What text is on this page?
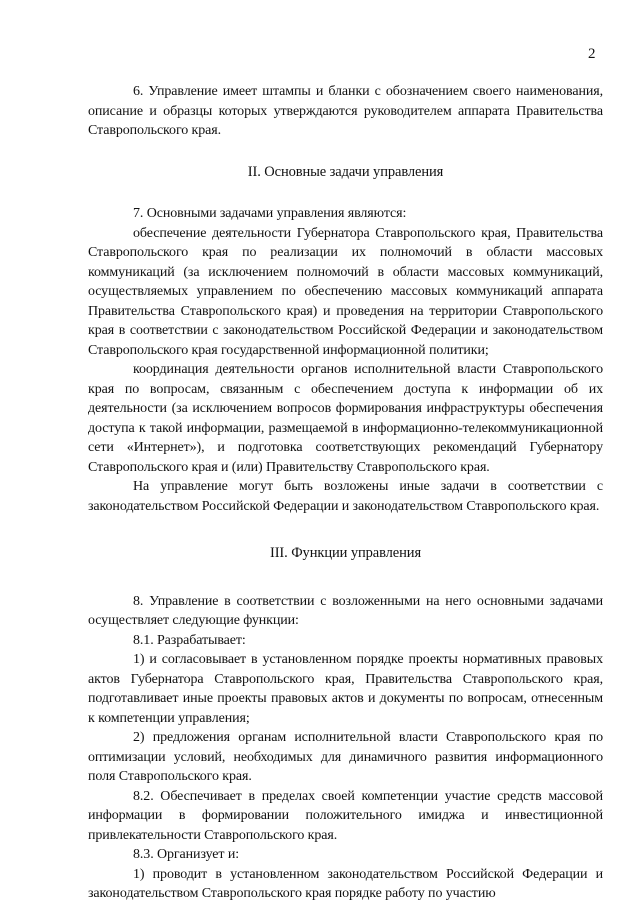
2

6. Управление имеет штампы и бланки с обозначением своего наименования, описание и образцы которых утверждаются руководителем аппарата Правительства Ставропольского края.

II. Основные задачи управления

7. Основными задачами управления являются:

обеспечение деятельности Губернатора Ставропольского края, Правительства Ставропольского края по реализации их полномочий в области массовых коммуникаций (за исключением полномочий в области массовых коммуникаций, осуществляемых управлением по обеспечению массовых коммуникаций аппарата Правительства Ставропольского края) и проведения на территории Ставропольского края в соответствии с законодательством Российской Федерации и законодательством Ставропольского края государственной информационной политики;

координация деятельности органов исполнительной власти Ставропольского края по вопросам, связанным с обеспечением доступа к информации об их деятельности (за исключением вопросов формирования инфраструктуры обеспечения доступа к такой информации, размещаемой в информационно-телекоммуникационной сети «Интернет»), и подготовка соответствующих рекомендаций Губернатору Ставропольского края и (или) Правительству Ставропольского края.

На управление могут быть возложены иные задачи в соответствии с законодательством Российской Федерации и законодательством Ставропольского края.

III. Функции управления

8. Управление в соответствии с возложенными на него основными задачами осуществляет следующие функции:

8.1. Разрабатывает:

1) и согласовывает в установленном порядке проекты нормативных правовых актов Губернатора Ставропольского края, Правительства Ставропольского края, подготавливает иные проекты правовых актов и документы по вопросам, отнесенным к компетенции управления;

2) предложения органам исполнительной власти Ставропольского края по оптимизации условий, необходимых для динамичного развития информационного поля Ставропольского края.

8.2. Обеспечивает в пределах своей компетенции участие средств массовой информации в формировании положительного имиджа и инвестиционной привлекательности Ставропольского края.

8.3. Организует и:

1) проводит в установленном законодательством Российской Федерации и законодательством Ставропольского края порядке работу по участию
